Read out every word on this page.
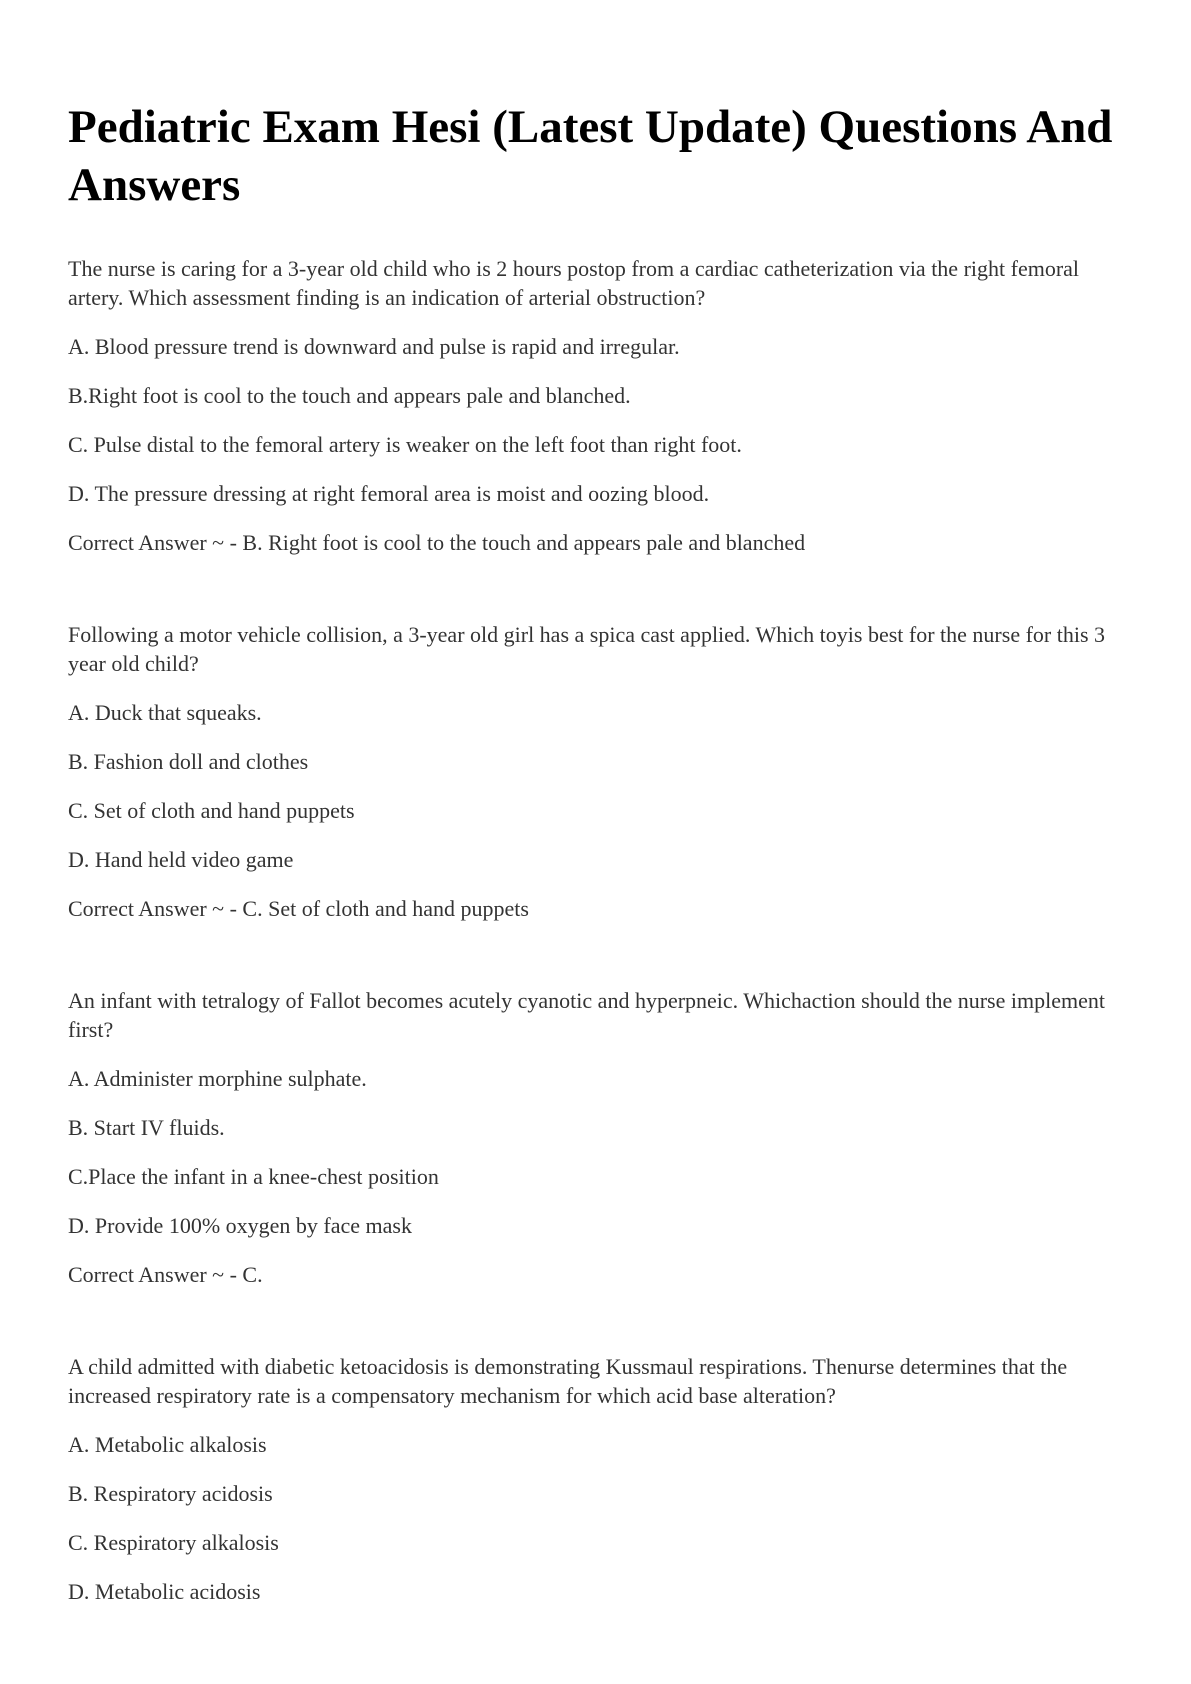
Pediatric Exam Hesi (Latest Update) Questions And Answers

The nurse is caring for a 3-year old child who is 2 hours postop from a cardiac catheterization via the right femoral artery. Which assessment finding is an indication of arterial obstruction?

A. Blood pressure trend is downward and pulse is rapid and irregular.

B.Right foot is cool to the touch and appears pale and blanched.

C. Pulse distal to the femoral artery is weaker on the left foot than right foot.

D. The pressure dressing at right femoral area is moist and oozing blood.

Correct Answer ~ - B. Right foot is cool to the touch and appears pale and blanched

Following a motor vehicle collision, a 3-year old girl has a spica cast applied. Which toyis best for the nurse for this 3 year old child?

A. Duck that squeaks.

B. Fashion doll and clothes

C. Set of cloth and hand puppets

D. Hand held video game

Correct Answer ~ - C. Set of cloth and hand puppets

An infant with tetralogy of Fallot becomes acutely cyanotic and hyperpneic. Whichaction should the nurse implement first?

A. Administer morphine sulphate.

B. Start IV fluids.

C.Place the infant in a knee-chest position

D. Provide 100% oxygen by face mask

Correct Answer ~ - C.

A child admitted with diabetic ketoacidosis is demonstrating Kussmaul respirations. Thenurse determines that the increased respiratory rate is a compensatory mechanism for which acid base alteration?

A. Metabolic alkalosis

B. Respiratory acidosis

C. Respiratory alkalosis

D. Metabolic acidosis
